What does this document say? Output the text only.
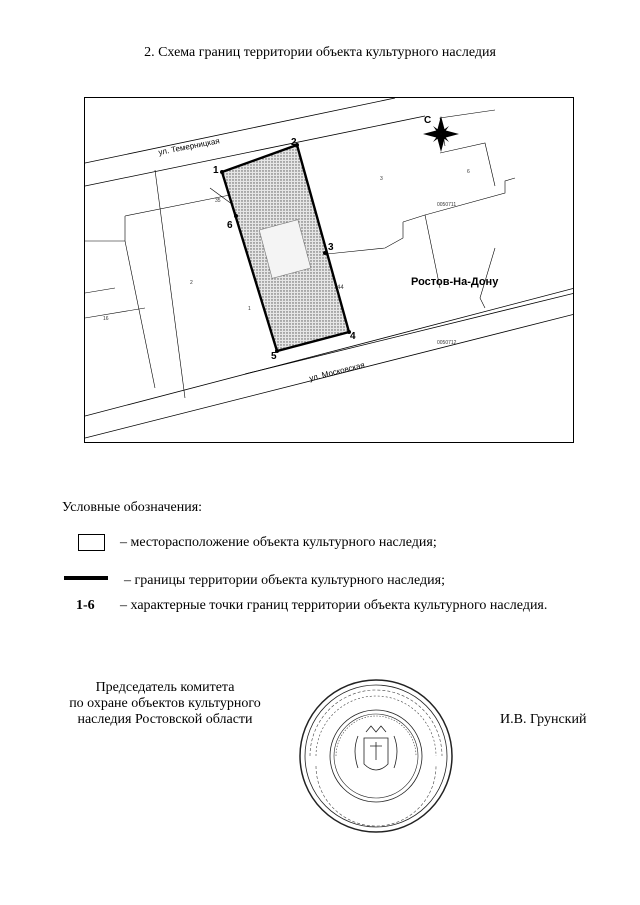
2. Схема границ территории объекта культурного наследия
1
2
3
4
5
6
ул. Темерницкая
ул. Московская
3
2
1
35
16
6
44
0050711
0050712
Ростов-На-Дону
С
Условные обозначения:
– месторасположение объекта культурного наследия;
– границы территории объекта культурного наследия;
1-6 – характерные точки границ территории объекта культурного наследия.
Председатель комитета
по охране объектов культурного
наследия Ростовской области	И.В. Грунский
